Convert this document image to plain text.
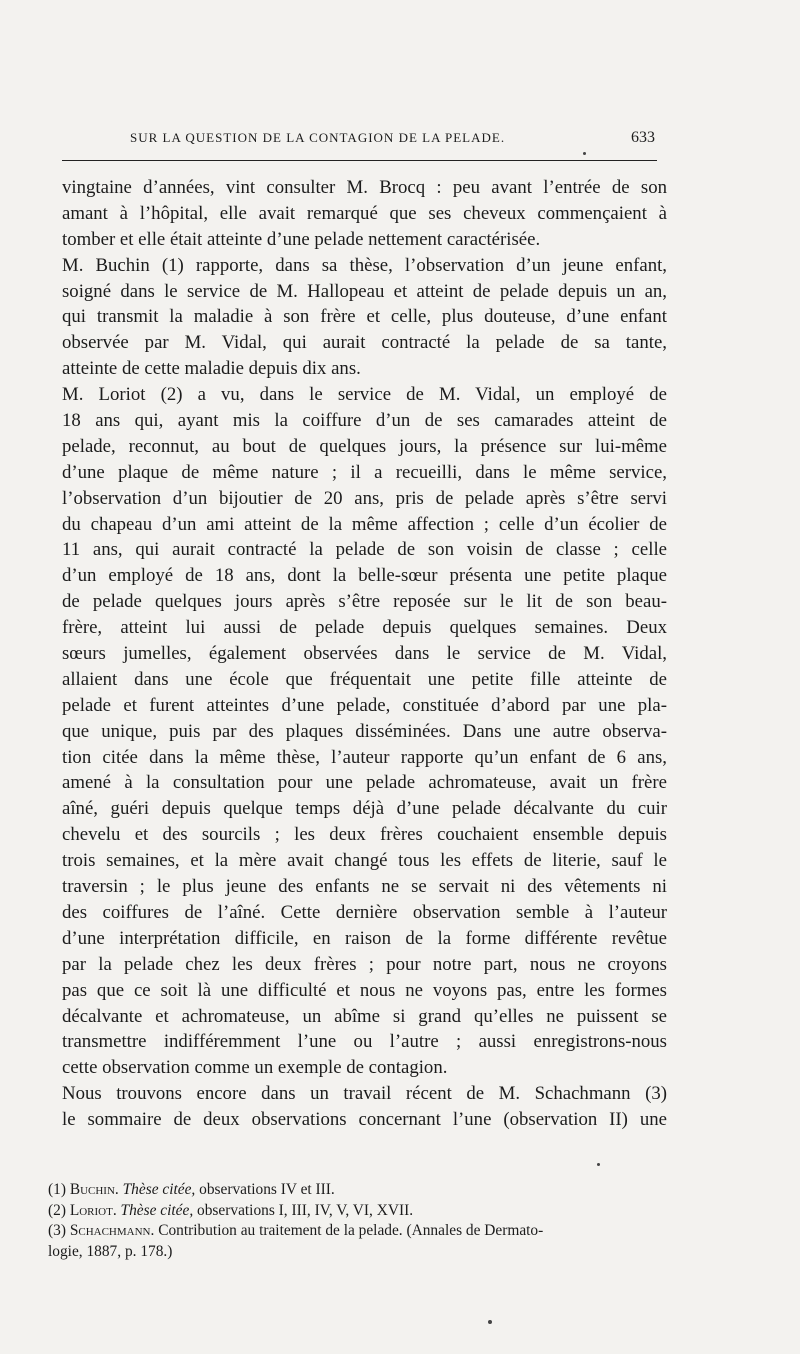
SUR LA QUESTION DE LA CONTAGION DE LA PELADE.	633
vingtaine d’années, vint consulter M. Brocq : peu avant l’entrée de son
amant à l’hôpital, elle avait remarqué que ses cheveux commençaient à
tomber et elle était atteinte d’une pelade nettement caractérisée.
M. Buchin (1) rapporte, dans sa thèse, l’observation d’un jeune enfant,
soigné dans le service de M. Hallopeau et atteint de pelade depuis un an,
qui transmit la maladie à son frère et celle, plus douteuse, d’une enfant
observée par M. Vidal, qui aurait contracté la pelade de sa tante,
atteinte de cette maladie depuis dix ans.
M. Loriot (2) a vu, dans le service de M. Vidal, un employé de
18 ans qui, ayant mis la coiffure d’un de ses camarades atteint de
pelade, reconnut, au bout de quelques jours, la présence sur lui-même
d’une plaque de même nature ; il a recueilli, dans le même service,
l’observation d’un bijoutier de 20 ans, pris de pelade après s’être servi
du chapeau d’un ami atteint de la même affection ; celle d’un écolier de
11 ans, qui aurait contracté la pelade de son voisin de classe ; celle
d’un employé de 18 ans, dont la belle-sœur présenta une petite plaque
de pelade quelques jours après s’être reposée sur le lit de son beau-
frère, atteint lui aussi de pelade depuis quelques semaines. Deux
sœurs jumelles, également observées dans le service de M. Vidal,
allaient dans une école que fréquentait une petite fille atteinte de
pelade et furent atteintes d’une pelade, constituée d’abord par une pla-
que unique, puis par des plaques disséminées. Dans une autre observa-
tion citée dans la même thèse, l’auteur rapporte qu’un enfant de 6 ans,
amené à la consultation pour une pelade achromateuse, avait un frère
aîné, guéri depuis quelque temps déjà d’une pelade décalvante du cuir
chevelu et des sourcils ; les deux frères couchaient ensemble depuis
trois semaines, et la mère avait changé tous les effets de literie, sauf le
traversin ; le plus jeune des enfants ne se servait ni des vêtements ni
des coiffures de l’aîné. Cette dernière observation semble à l’auteur
d’une interprétation difficile, en raison de la forme différente revêtue
par la pelade chez les deux frères ; pour notre part, nous ne croyons
pas que ce soit là une difficulté et nous ne voyons pas, entre les formes
décalvante et achromateuse, un abîme si grand qu’elles ne puissent se
transmettre indifféremment l’une ou l’autre ; aussi enregistrons-nous
cette observation comme un exemple de contagion.
Nous trouvons encore dans un travail récent de M. Schachmann (3)
le sommaire de deux observations concernant l’une (observation II) une
(1) Buchin. Thèse citée, observations IV et III.
(2) Loriot. Thèse citée, observations I, III, IV, V, VI, XVII.
(3) Schachmann. Contribution au traitement de la pelade. (Annales de Dermato-
logie, 1887, p. 178.)
